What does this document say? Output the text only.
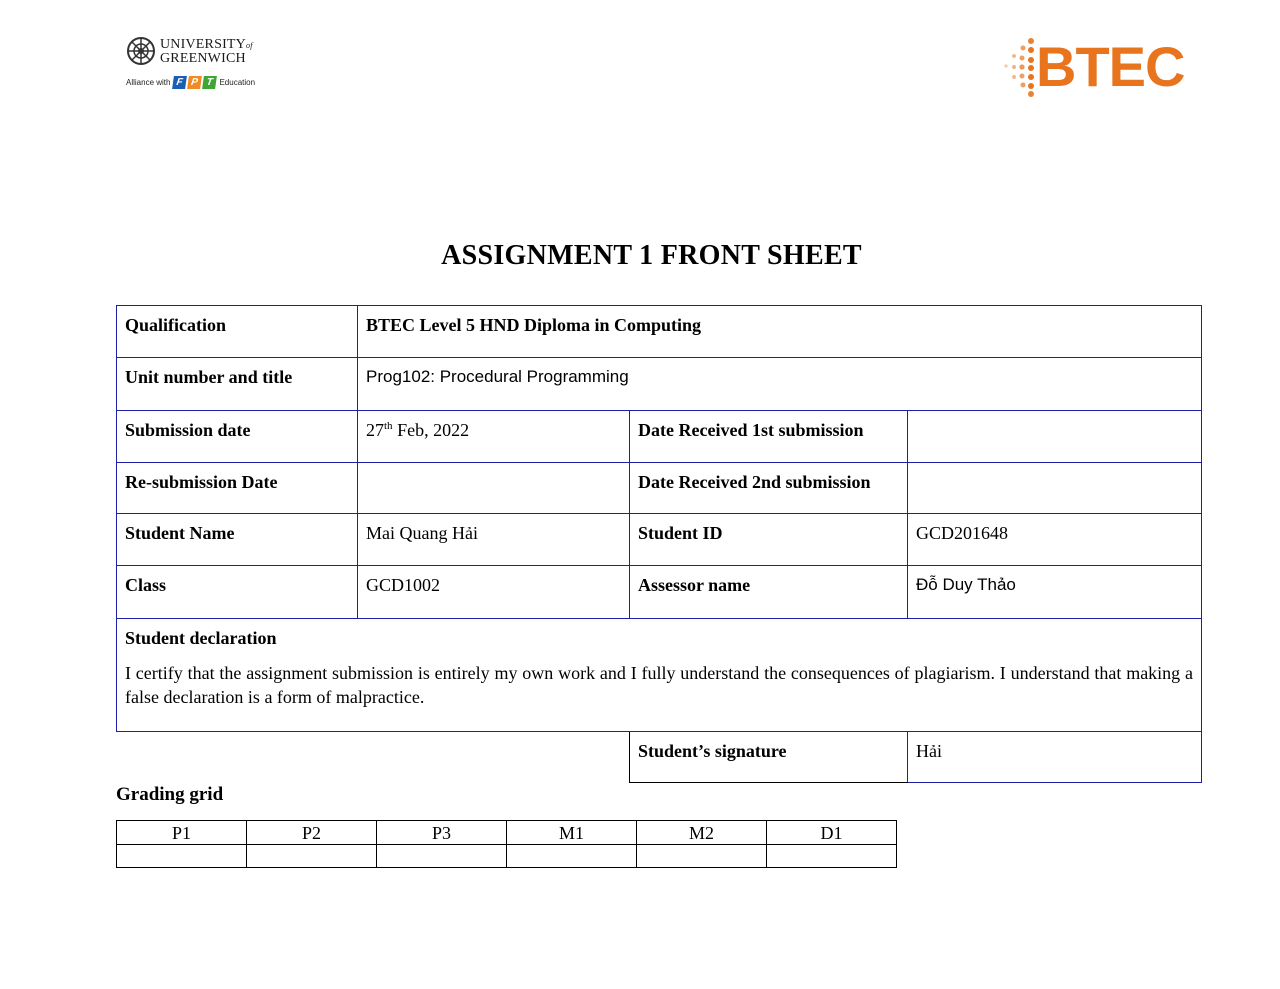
UNIVERSITYof
GREENWICH
Alliance with F P T Education	BTEC
ASSIGNMENT 1 FRONT SHEET
Qualification	BTEC Level 5 HND Diploma in Computing		
Unit number and title	Prog102: Procedural Programming		
Submission date	27th Feb, 2022	Date Received 1st submission	
Re-submission Date		Date Received 2nd submission	
Student Name	Mai Quang Hải	Student ID	GCD201648
Class	GCD1002	Assessor name	Đỗ Duy Thảo

Student declaration
I certify that the assignment submission is entirely my own work and I fully understand the consequences of plagiarism. I understand that making a false declaration is a form of malpractice.			

		Student’s signature	Hải
Grading grid
P1	P2	P3	M1	M2	D1
